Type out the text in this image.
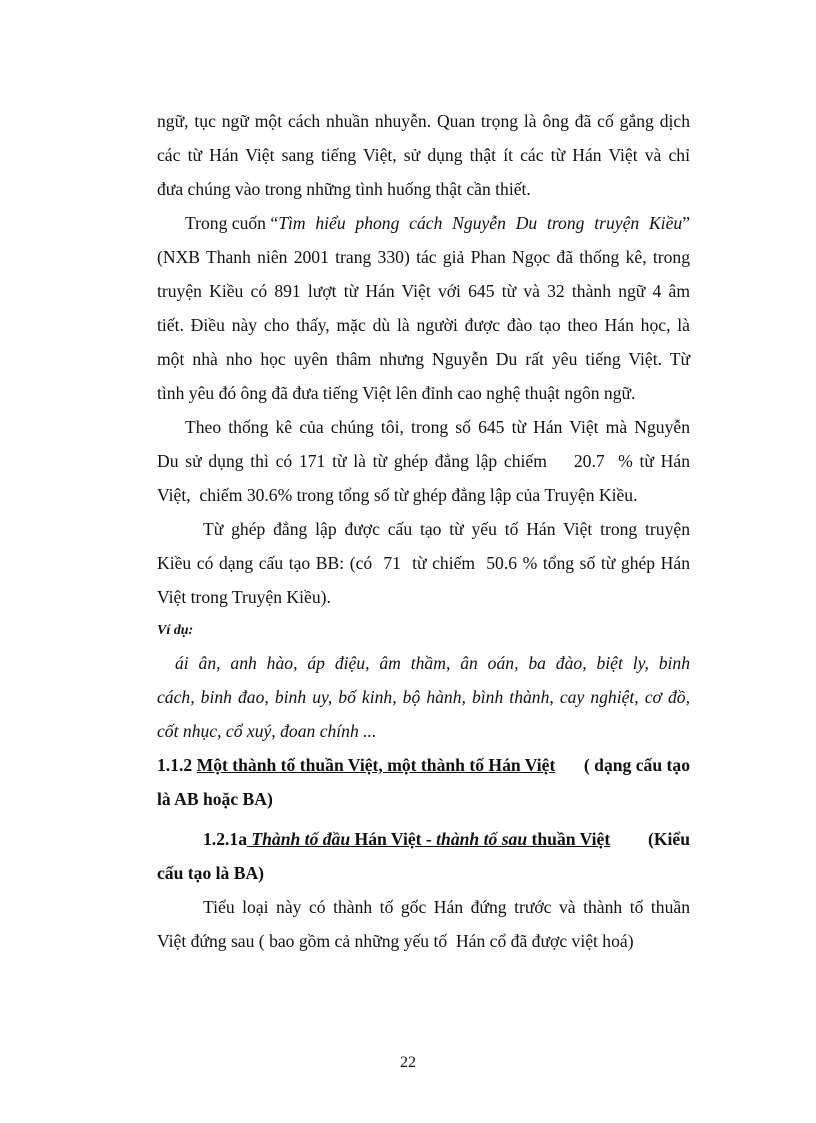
ngữ, tục ngữ một cách nhuần nhuyễn. Quan trọng là ông đã cố gắng dịch
các từ Hán Việt sang tiếng Việt, sử dụng thật ít các từ Hán Việt và chỉ
đưa chúng vào trong những tình huống thật cần thiết.
Trong cuốn “ Tìm hiểu phong cách Nguyễn Du trong truyện Kiều ”
(NXB Thanh niên 2001 trang 330) tác giả Phan Ngọc đã thống kê, trong
truyện Kiều có 891 lượt từ Hán Việt với 645 từ và 32 thành ngữ 4 âm
tiết. Điều này cho thấy, mặc dù là người được đào tạo theo Hán học, là
một nhà nho học uyên thâm nhưng Nguyễn Du rất yêu tiếng Việt. Từ
tình yêu đó ông đã đưa tiếng Việt lên đỉnh cao nghệ thuật ngôn ngữ.
Theo thống kê của chúng tôi, trong số 645 từ Hán Việt mà Nguyễn
Du sử dụng thì có 171 từ là từ ghép đẳng lập chiếm    20.7  % từ Hán
Việt,  chiếm 30.6% trong tổng số từ ghép đẳng lập của Truyện Kiều.
Từ ghép đẳng lập được cấu tạo từ yếu tố Hán Việt trong truyện
Kiều có dạng cấu tạo BB: (có  71  từ chiếm  50.6 % tổng số từ ghép Hán
Việt trong Truyện Kiều).
Ví dụ:
ái ân, anh hào, áp điệu, âm thầm, ân oán, ba đào, biệt ly, binh
cách, binh đao, binh uy, bố kinh, bộ hành, bình thành, cay nghiệt, cơ đồ,
cốt nhục, cổ xuý, đoan chính ...
1.1.2 Một thành tố thuần Việt, một thành tố Hán Việt	( dạng cấu tạo
là AB hoặc BA)
1.2.1a Thành tố đầu Hán Việt - thành tố sau thuần Việt	(Kiểu
cấu tạo là BA)
Tiểu loại này có thành tố gốc Hán đứng trước và thành tố thuần
Việt đứng sau ( bao gồm cả những yếu tố  Hán cổ đã được việt hoá)
22
